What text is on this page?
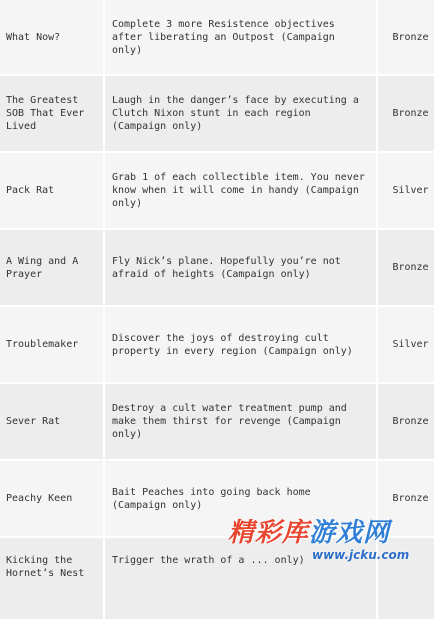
What Now?	Complete 3 more Resistence objectives after liberating an Outpost (Campaign only)	Bronze
The Greatest SOB That Ever Lived	Laugh in the danger’s face by executing a Clutch Nixon stunt in each region (Campaign only)	Bronze
Pack Rat	Grab 1 of each collectible item. You never know when it will come in handy (Campaign only)	Silver
A Wing and A Prayer	Fly Nick’s plane. Hopefully you’re not afraid of heights (Campaign only)	Bronze
Troublemaker	Discover the joys of destroying cult property in every region (Campaign only)	Silver
Sever Rat	Destroy a cult water treatment pump and make them thirst for revenge (Campaign only)	Bronze
Peachy Keen	Bait Peaches into going back home (Campaign only)	Bronze
Kicking the Hornet’s Nest	Trigger the wrath of a ... only)	
精彩库游戏网
www.jcku.com
